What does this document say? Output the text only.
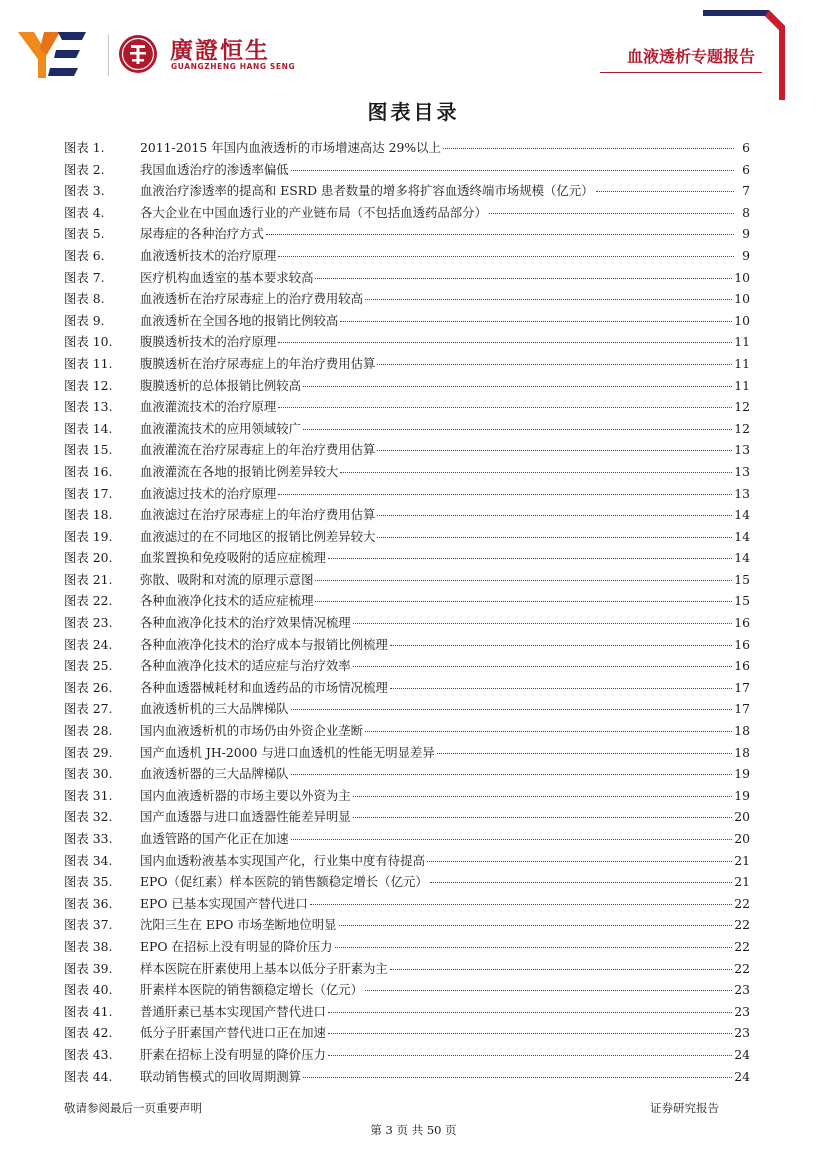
廣證恒生
GUANGZHENG HANG SENG
血液透析专题报告
图表目录
图表 1.	2011-2015 年国内血液透析的市场增速高达 29%以上	6
图表 2.	我国血透治疗的渗透率偏低	6
图表 3.	血液治疗渗透率的提高和 ESRD 患者数量的增多将扩容血透终端市场规模（亿元）	7
图表 4.	各大企业在中国血透行业的产业链布局（不包括血透药品部分）	8
图表 5.	尿毒症的各种治疗方式	9
图表 6.	血液透析技术的治疗原理	9
图表 7.	医疗机构血透室的基本要求较高	10
图表 8.	血液透析在治疗尿毒症上的治疗费用较高	10
图表 9.	血液透析在全国各地的报销比例较高	10
图表 10.	腹膜透析技术的治疗原理	11
图表 11.	腹膜透析在治疗尿毒症上的年治疗费用估算	11
图表 12.	腹膜透析的总体报销比例较高	11
图表 13.	血液灌流技术的治疗原理	12
图表 14.	血液灌流技术的应用领域较广	12
图表 15.	血液灌流在治疗尿毒症上的年治疗费用估算	13
图表 16.	血液灌流在各地的报销比例差异较大	13
图表 17.	血液滤过技术的治疗原理	13
图表 18.	血液滤过在治疗尿毒症上的年治疗费用估算	14
图表 19.	血液滤过的在不同地区的报销比例差异较大	14
图表 20.	血浆置换和免疫吸附的适应症梳理	14
图表 21.	弥散、吸附和对流的原理示意图	15
图表 22.	各种血液净化技术的适应症梳理	15
图表 23.	各种血液净化技术的治疗效果情况梳理	16
图表 24.	各种血液净化技术的治疗成本与报销比例梳理	16
图表 25.	各种血液净化技术的适应症与治疗效率	16
图表 26.	各种血透器械耗材和血透药品的市场情况梳理	17
图表 27.	血液透析机的三大品牌梯队	17
图表 28.	国内血液透析机的市场仍由外资企业垄断	18
图表 29.	国产血透机 JH-2000 与进口血透机的性能无明显差异	18
图表 30.	血液透析器的三大品牌梯队	19
图表 31.	国内血液透析器的市场主要以外资为主	19
图表 32.	国产血透器与进口血透器性能差异明显	20
图表 33.	血透管路的国产化正在加速	20
图表 34.	国内血透粉液基本实现国产化，行业集中度有待提高	21
图表 35.	EPO（促红素）样本医院的销售额稳定增长（亿元）	21
图表 36.	EPO 已基本实现国产替代进口	22
图表 37.	沈阳三生在 EPO 市场垄断地位明显	22
图表 38.	EPO 在招标上没有明显的降价压力	22
图表 39.	样本医院在肝素使用上基本以低分子肝素为主	22
图表 40.	肝素样本医院的销售额稳定增长（亿元）	23
图表 41.	普通肝素已基本实现国产替代进口	23
图表 42.	低分子肝素国产替代进口正在加速	23
图表 43.	肝素在招标上没有明显的降价压力	24
图表 44.	联动销售模式的回收周期测算	24
敬请参阅最后一页重要声明	证券研究报告
第 3 页 共 50 页
